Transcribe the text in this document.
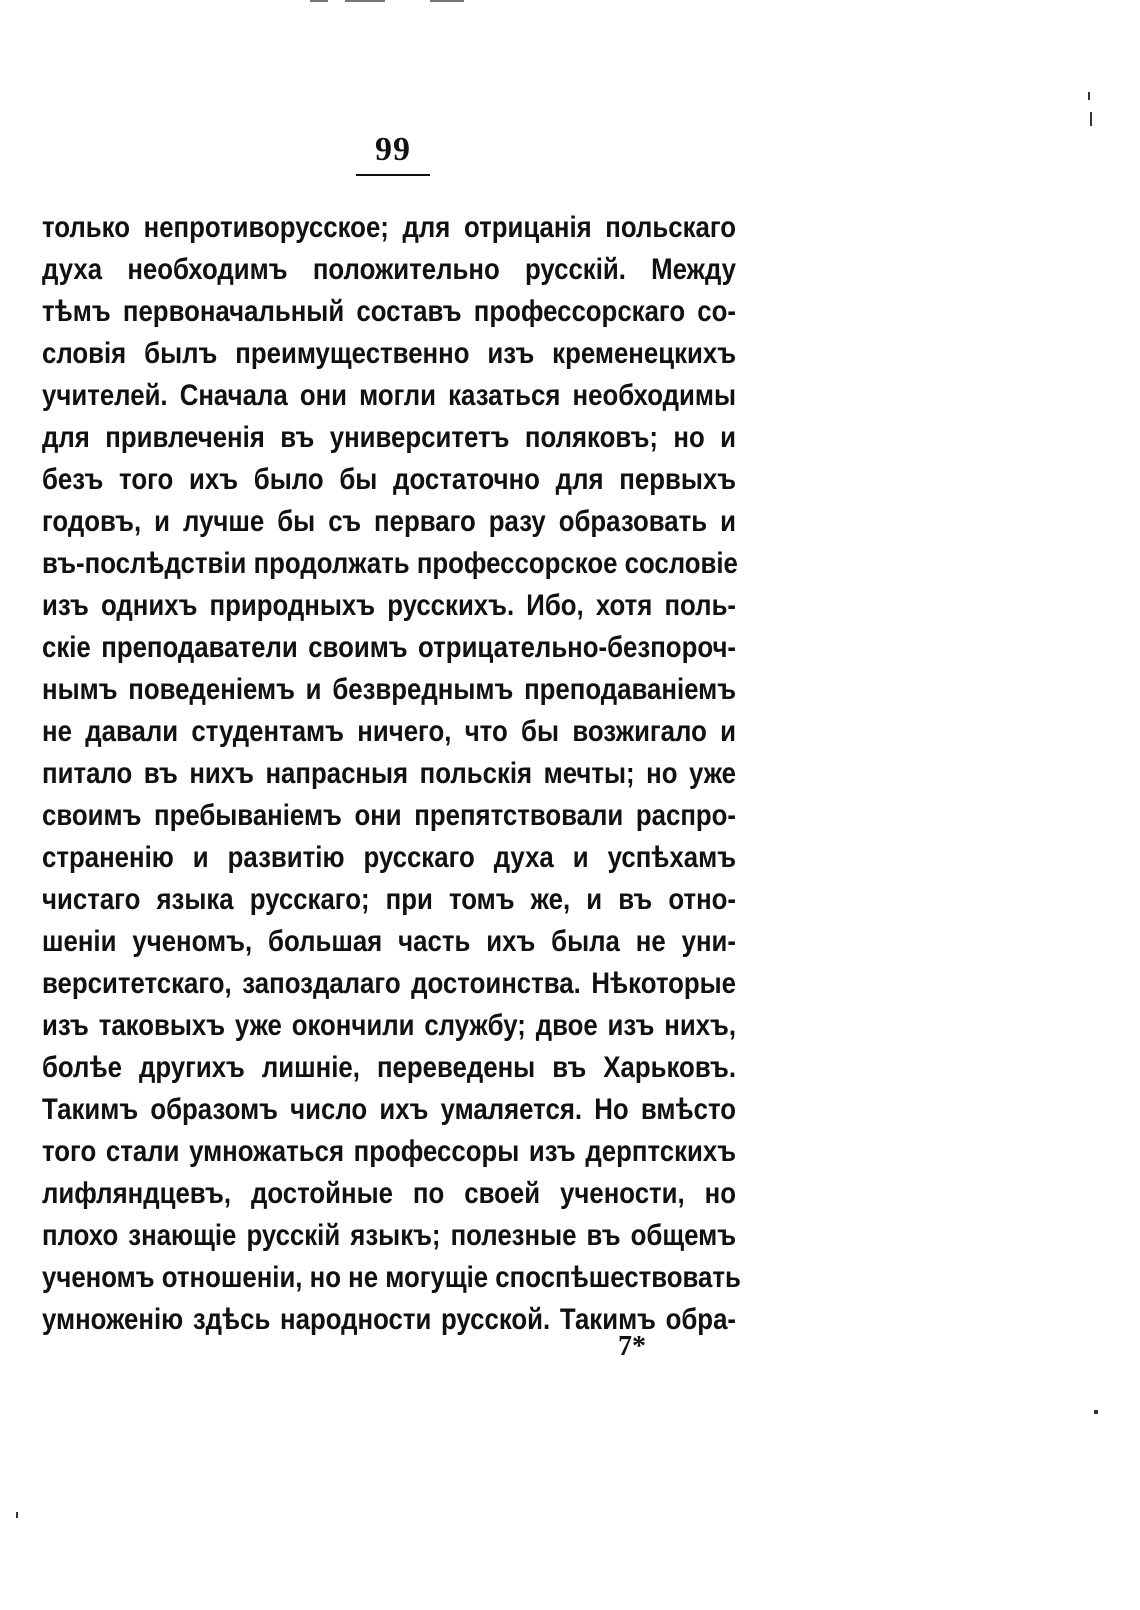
99
только непротиворусское; для отрицанія польскаго
духа необходимъ положительно русскій. Между
тѣмъ первоначальный составъ профессорскаго со-
словія былъ преимущественно изъ кременецкихъ
учителей. Сначала они могли казаться необходимы
для привлеченія въ университетъ поляковъ; но и
безъ того ихъ было бы достаточно для первыхъ
годовъ, и лучше бы съ перваго разу образовать и
въ-послѣдствіи продолжать профессорское сословіе
изъ однихъ природныхъ русскихъ. Ибо, хотя поль-
скіе преподаватели своимъ отрицательно-безпороч-
нымъ поведеніемъ и безвреднымъ преподаваніемъ
не давали студентамъ ничего, что бы возжигало и
питало въ нихъ напрасныя польскія мечты; но уже
своимъ пребываніемъ они препятствовали распро-
страненію и развитію русскаго духа и успѣхамъ
чистаго языка русскаго; при томъ же, и въ отно-
шеніи ученомъ, большая часть ихъ была не уни-
верситетскаго, запоздалаго достоинства. Нѣкоторые
изъ таковыхъ уже окончили службу; двое изъ нихъ,
болѣе другихъ лишніе, переведены въ Харьковъ.
Такимъ образомъ число ихъ умаляется. Но вмѣсто
того стали умножаться профессоры изъ дерптскихъ
лифляндцевъ, достойные по своей учености, но
плохо знающіе русскій языкъ; полезные въ общемъ
ученомъ отношеніи, но не могущіе споспѣшествовать
умноженію здѣсь народности русской. Такимъ обра-
7*
